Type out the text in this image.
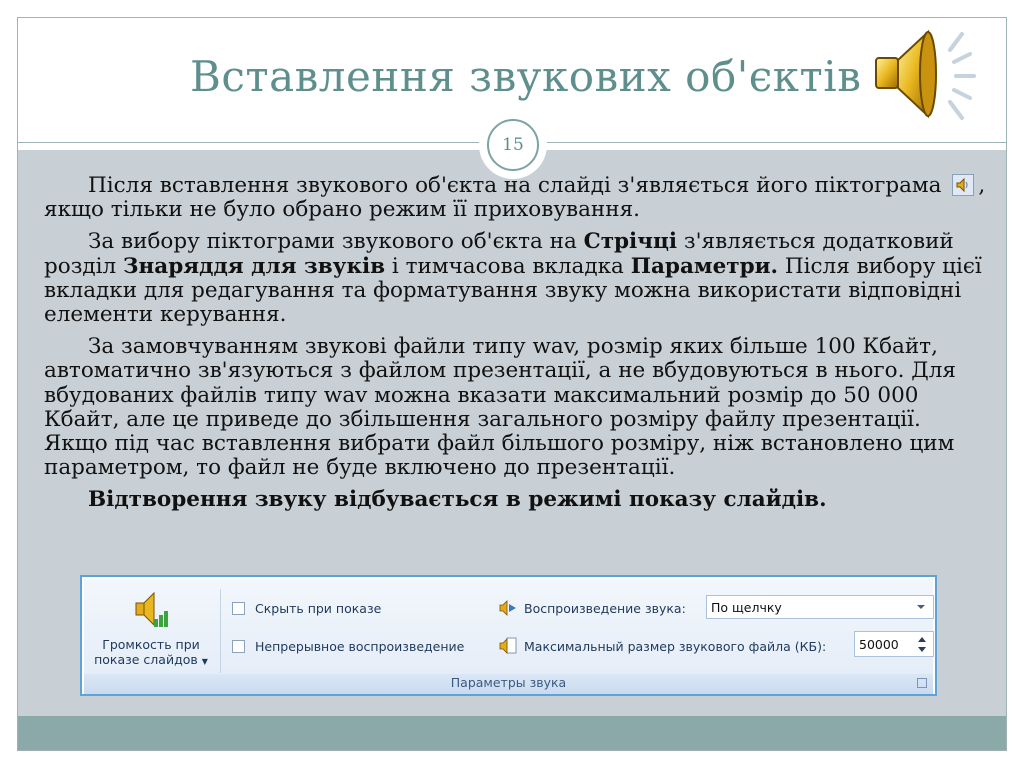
Вставлення звукових об'єктів
15

Після вставлення звукового об'єкта на слайді з'являється його піктограма , якщо тільки не було обрано режим її приховування.

За вибору піктограми звукового об'єкта на Стрічці з'являється додатковий розділ Знаряддя для звуків і тимчасова вкладка Параметри. Після вибору цієї вкладки для редагування та форматування звуку можна використати відповідні елементи керування.

За замовчуванням звукові файли типу wav, розмір яких більше 100 Кбайт, автоматично зв'язуються з файлом презентації, а не вбудовуються в нього. Для вбудованих файлів типу wav можна вказати максимальний розмір до 50 000 Кбайт, але це приведе до збільшення загального розміру файлу презентації. Якщо під час вставлення вибрати файл більшого розміру, ніж встановлено цим параметром, то файл не буде включено до презентації.

Відтворення звуку відбувається в режимі показу слайдів.

Громкость при
показе слайдов ▼
Скрыть при показе
Непрерывное воспроизведение
Воспроизведение звука: По щелчку
Максимальный размер звукового файла (КБ):	50000
Параметры звука
